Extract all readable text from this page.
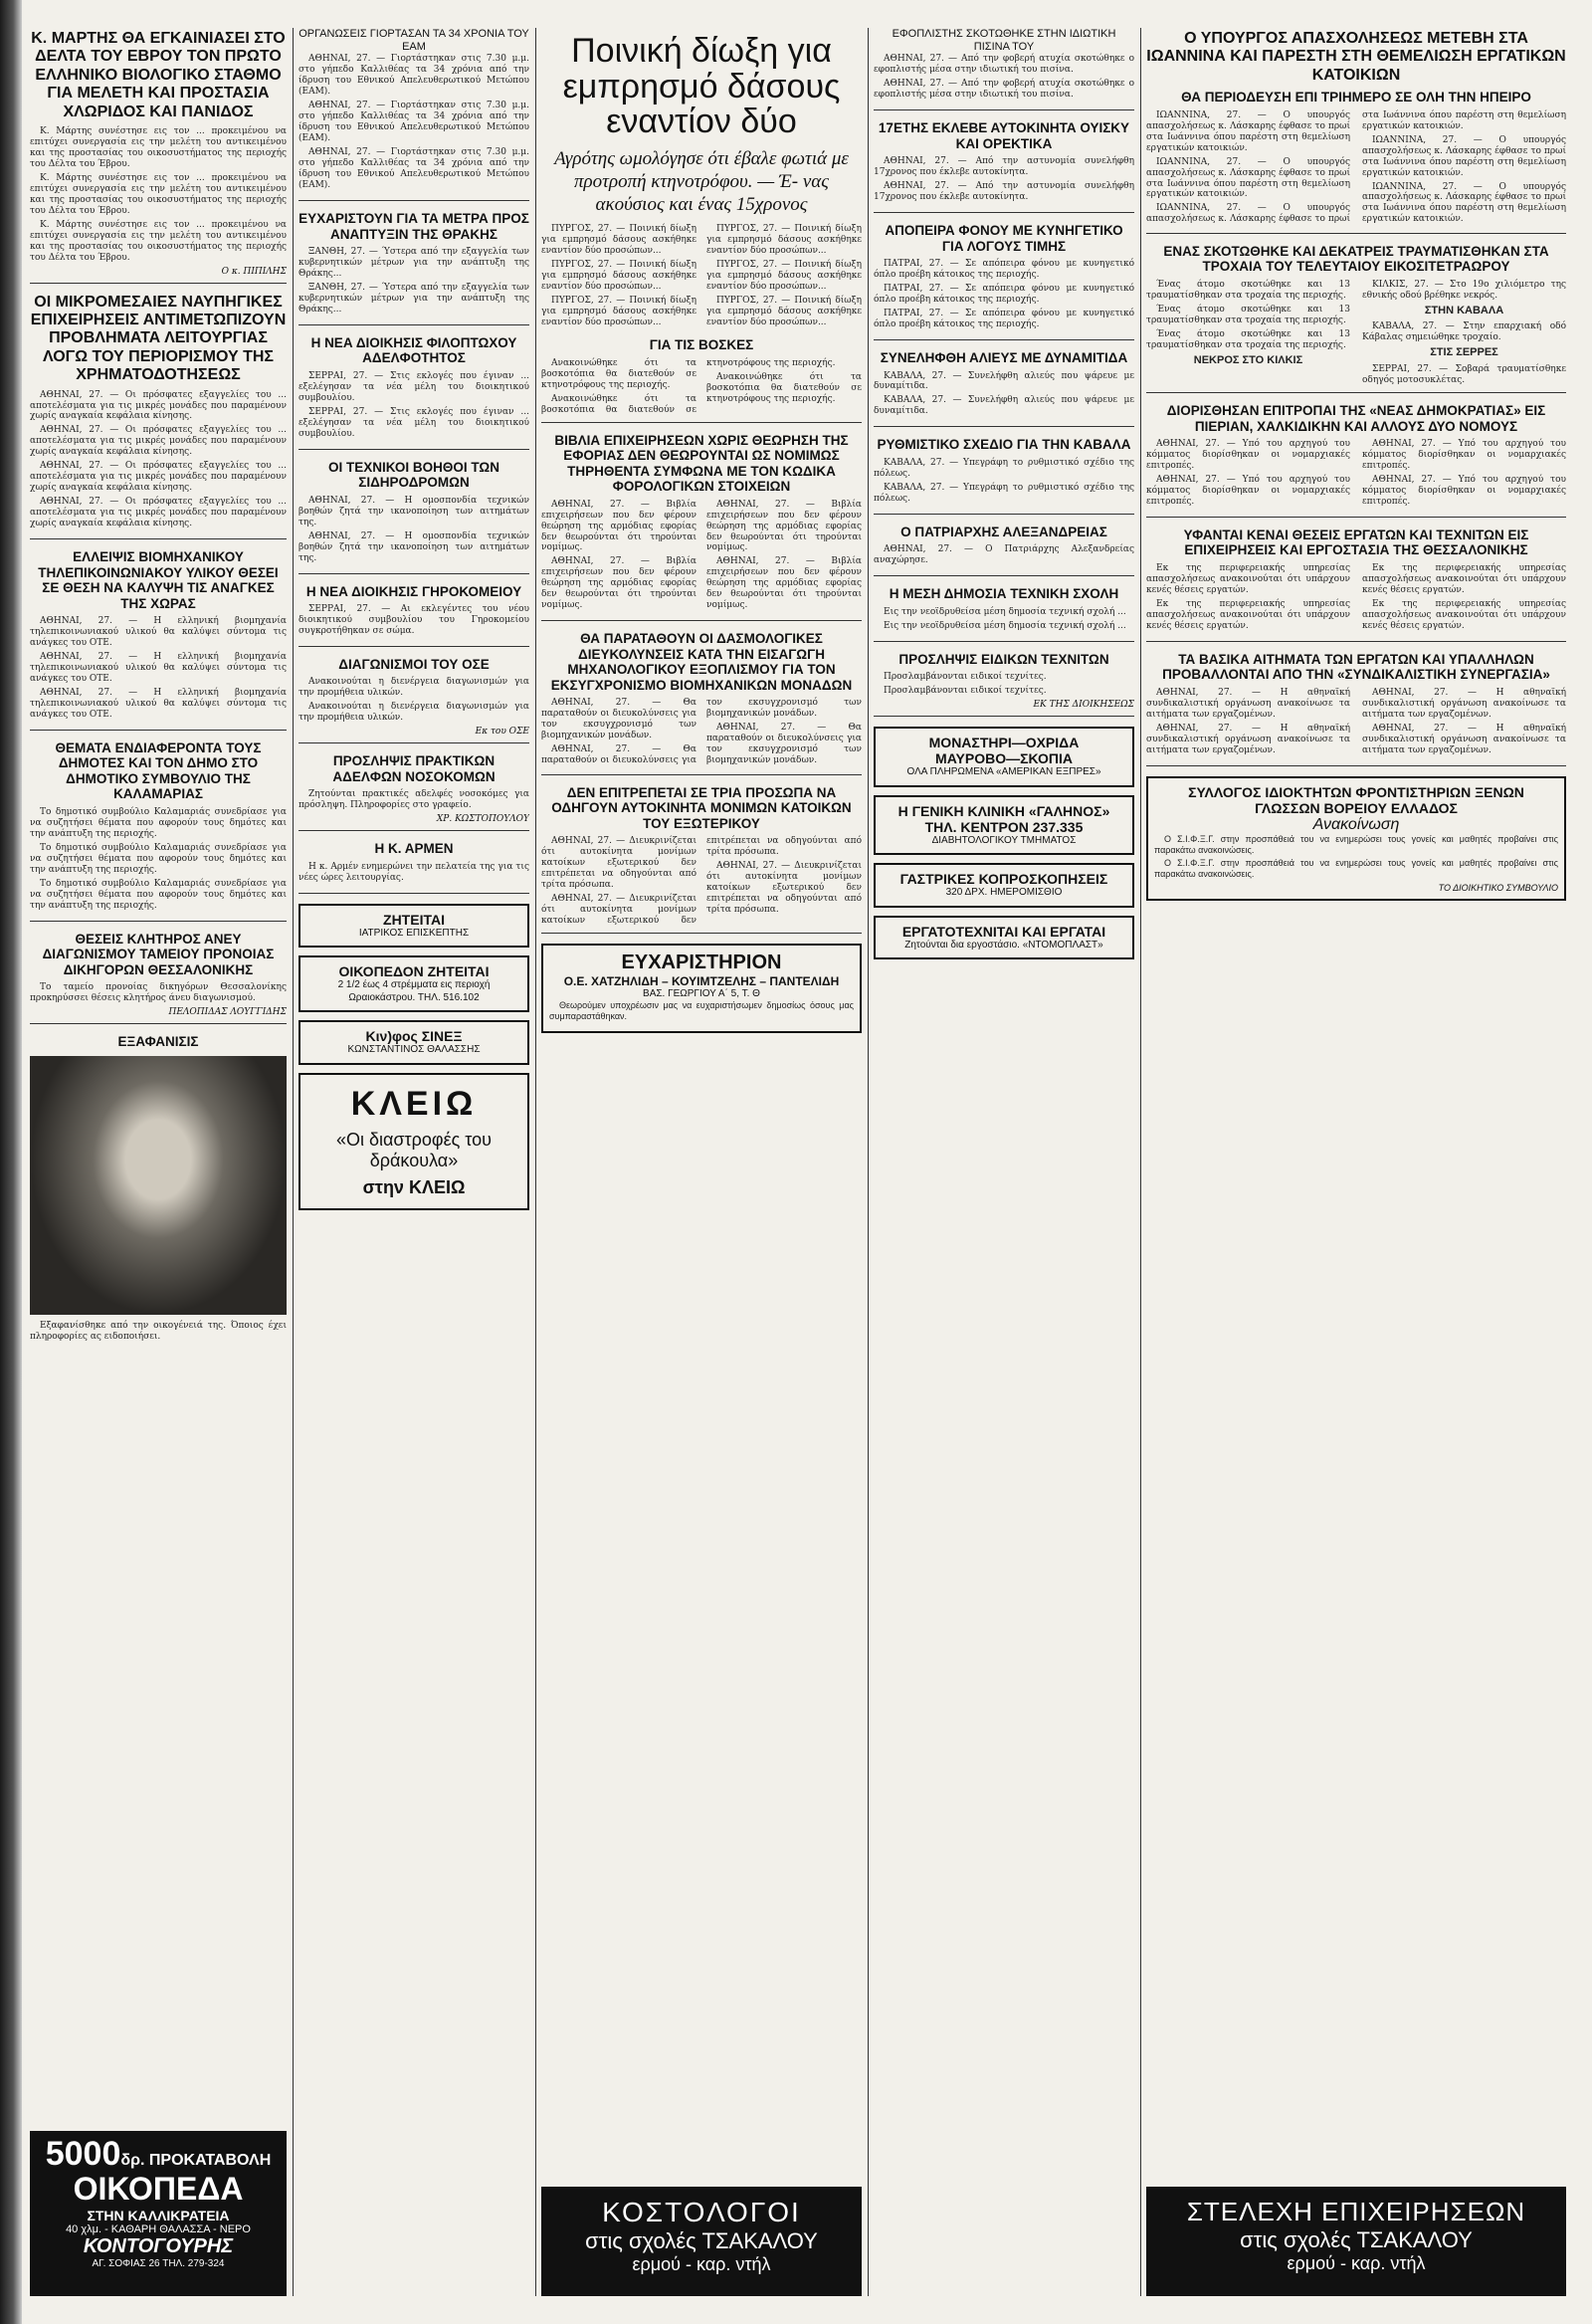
Κ. ΜΑΡΤΗΣ ΘΑ ΕΓΚΑΙΝΙΑΣΕΙ ΣΤΟ ΔΕΛΤΑ ΤΟΥ ΕΒΡΟΥ ΤΟΝ ΠΡΩΤΟ ΕΛΛΗΝΙΚΟ ΒΙΟΛΟΓΙΚΟ ΣΤΑΘΜΟ ΓΙΑ ΜΕΛΕΤΗ ΚΑΙ ΠΡΟΣΤΑΣΙΑ ΧΛΩΡΙΔΟΣ ΚΑΙ ΠΑΝΙΔΟΣ

Κ. Μάρτης συνέστησε εις τον ... προκειμένου να επιτύχει συνεργασία εις την μελέτη του αντικειμένου και της προστασίας του οικοσυστήματος της περιοχής του Δέλτα του Έβρου.

Κ. Μάρτης συνέστησε εις τον ... προκειμένου να επιτύχει συνεργασία εις την μελέτη του αντικειμένου και της προστασίας του οικοσυστήματος της περιοχής του Δέλτα του Έβρου.

Κ. Μάρτης συνέστησε εις τον ... προκειμένου να επιτύχει συνεργασία εις την μελέτη του αντικειμένου και της προστασίας του οικοσυστήματος της περιοχής του Δέλτα του Έβρου.

Ο κ. ΠΙΠΙΛΗΣ
ΟΙ ΜΙΚΡΟΜΕΣΑΙΕΣ ΝΑΥΠΗΓΙΚΕΣ ΕΠΙΧΕΙΡΗΣΕΙΣ ΑΝΤΙΜΕΤΩΠΙΖΟΥΝ ΠΡΟΒΛΗΜΑΤΑ ΛΕΙΤΟΥΡΓΙΑΣ ΛΟΓΩ ΤΟΥ ΠΕΡΙΟΡΙΣΜΟΥ ΤΗΣ ΧΡΗΜΑΤΟΔΟΤΗΣΕΩΣ

ΑΘΗΝΑΙ, 27. — Οι πρόσφατες εξαγγελίες του ... αποτελέσματα για τις μικρές μονάδες που παραμένουν χωρίς αναγκαία κεφάλαια κίνησης.

ΑΘΗΝΑΙ, 27. — Οι πρόσφατες εξαγγελίες του ... αποτελέσματα για τις μικρές μονάδες που παραμένουν χωρίς αναγκαία κεφάλαια κίνησης.

ΑΘΗΝΑΙ, 27. — Οι πρόσφατες εξαγγελίες του ... αποτελέσματα για τις μικρές μονάδες που παραμένουν χωρίς αναγκαία κεφάλαια κίνησης.

ΑΘΗΝΑΙ, 27. — Οι πρόσφατες εξαγγελίες του ... αποτελέσματα για τις μικρές μονάδες που παραμένουν χωρίς αναγκαία κεφάλαια κίνησης.

ΕΛΛΕΙΨΙΣ ΒΙΟΜΗΧΑΝΙΚΟΥ ΤΗΛΕΠΙΚΟΙΝΩΝΙΑΚΟΥ ΥΛΙΚΟΥ ΘΕΣΕΙ ΣΕ ΘΕΣΗ ΝΑ ΚΑΛΥΨΗ ΤΙΣ ΑΝΑΓΚΕΣ ΤΗΣ ΧΩΡΑΣ

ΑΘΗΝΑΙ, 27. — Η ελληνική βιομηχανία τηλεπικοινωνιακού υλικού θα καλύψει σύντομα τις ανάγκες του ΟΤΕ.

ΑΘΗΝΑΙ, 27. — Η ελληνική βιομηχανία τηλεπικοινωνιακού υλικού θα καλύψει σύντομα τις ανάγκες του ΟΤΕ.

ΑΘΗΝΑΙ, 27. — Η ελληνική βιομηχανία τηλεπικοινωνιακού υλικού θα καλύψει σύντομα τις ανάγκες του ΟΤΕ.

ΘΕΜΑΤΑ ΕΝΔΙΑΦΕΡΟΝΤΑ ΤΟΥΣ ΔΗΜΟΤΕΣ ΚΑΙ ΤΟΝ ΔΗΜΟ ΣΤΟ ΔΗΜΟΤΙΚΟ ΣΥΜΒΟΥΛΙΟ ΤΗΣ ΚΑΛΑΜΑΡΙΑΣ

Το δημοτικό συμβούλιο Καλαμαριάς συνεδρίασε για να συζητήσει θέματα που αφορούν τους δημότες και την ανάπτυξη της περιοχής.

Το δημοτικό συμβούλιο Καλαμαριάς συνεδρίασε για να συζητήσει θέματα που αφορούν τους δημότες και την ανάπτυξη της περιοχής.

Το δημοτικό συμβούλιο Καλαμαριάς συνεδρίασε για να συζητήσει θέματα που αφορούν τους δημότες και την ανάπτυξη της περιοχής.

ΘΕΣΕΙΣ ΚΛΗΤΗΡΟΣ ΑΝΕΥ ΔΙΑΓΩΝΙΣΜΟΥ ΤΑΜΕΙΟΥ ΠΡΟΝΟΙΑΣ ΔΙΚΗΓΟΡΩΝ ΘΕΣΣΑΛΟΝΙΚΗΣ

Το ταμείο προνοίας δικηγόρων Θεσσαλονίκης προκηρύσσει θέσεις κλητήρος άνευ διαγωνισμού.

ΠΕΛΟΠΙΔΑΣ ΛΟΥΓΓΙΔΗΣ
ΕΞΑΦΑΝΙΣΙΣ

Εξαφανίσθηκε από την οικογένειά της. Όποιος έχει πληροφορίες ας ειδοποιήσει.

5000δρ. ΠΡΟΚΑΤΑΒΟΛΗ
ΟΙΚΟΠΕΔΑ
ΣΤΗΝ ΚΑΛΛΙΚΡΑΤΕΙΑ
40 χλμ. - ΚΑΘΑΡΗ ΘΑΛΑΣΣΑ - ΝΕΡΟ
ΚΟΝΤΟΓΟΥΡΗΣ
ΑΓ. ΣΟΦΙΑΣ 26 ΤΗΛ. 279-324
ΟΡΓΑΝΩΣΕΙΣ ΓΙΟΡΤΑΣΑΝ ΤΑ 34 ΧΡΟΝΙΑ ΤΟΥ ΕΑΜ

ΑΘΗΝΑΙ, 27. — Γιορτάστηκαν στις 7.30 μ.μ. στο γήπεδο Καλλιθέας τα 34 χρόνια από την ίδρυση του Εθνικού Απελευθερωτικού Μετώπου (ΕΑΜ).

ΑΘΗΝΑΙ, 27. — Γιορτάστηκαν στις 7.30 μ.μ. στο γήπεδο Καλλιθέας τα 34 χρόνια από την ίδρυση του Εθνικού Απελευθερωτικού Μετώπου (ΕΑΜ).

ΑΘΗΝΑΙ, 27. — Γιορτάστηκαν στις 7.30 μ.μ. στο γήπεδο Καλλιθέας τα 34 χρόνια από την ίδρυση του Εθνικού Απελευθερωτικού Μετώπου (ΕΑΜ).

ΕΥΧΑΡΙΣΤΟΥΝ ΓΙΑ ΤΑ ΜΕΤΡΑ ΠΡΟΣ ΑΝΑΠΤΥΞΙΝ ΤΗΣ ΘΡΑΚΗΣ

ΞΑΝΘΗ, 27. — Ύστερα από την εξαγγελία των κυβερνητικών μέτρων για την ανάπτυξη της Θράκης...

ΞΑΝΘΗ, 27. — Ύστερα από την εξαγγελία των κυβερνητικών μέτρων για την ανάπτυξη της Θράκης...

Η ΝΕΑ ΔΙΟΙΚΗΣΙΣ ΦΙΛΟΠΤΩΧΟΥ ΑΔΕΛΦΟΤΗΤΟΣ

ΣΕΡΡΑΙ, 27. — Στις εκλογές που έγιναν ... εξελέγησαν τα νέα μέλη του διοικητικού συμβουλίου.

ΣΕΡΡΑΙ, 27. — Στις εκλογές που έγιναν ... εξελέγησαν τα νέα μέλη του διοικητικού συμβουλίου.

ΟΙ ΤΕΧΝΙΚΟΙ ΒΟΗΘΟΙ ΤΩΝ ΣΙΔΗΡΟΔΡΟΜΩΝ

ΑΘΗΝΑΙ, 27. — Η ομοσπονδία τεχνικών βοηθών ζητά την ικανοποίηση των αιτημάτων της.

ΑΘΗΝΑΙ, 27. — Η ομοσπονδία τεχνικών βοηθών ζητά την ικανοποίηση των αιτημάτων της.

Η ΝΕΑ ΔΙΟΙΚΗΣΙΣ ΓΗΡΟΚΟΜΕΙΟΥ

ΣΕΡΡΑΙ, 27. — Αι εκλεγέντες του νέου διοικητικού συμβουλίου του Γηροκομείου συγκροτήθηκαν σε σώμα.

ΔΙΑΓΩΝΙΣΜΟΙ ΤΟΥ ΟΣΕ

Ανακοινούται η διενέργεια διαγωνισμών για την προμήθεια υλικών.

Ανακοινούται η διενέργεια διαγωνισμών για την προμήθεια υλικών.

Εκ του ΟΣΕ
ΠΡΟΣΛΗΨΙΣ ΠΡΑΚΤΙΚΩΝ ΑΔΕΛΦΩΝ ΝΟΣΟΚΟΜΩΝ

Ζητούνται πρακτικές αδελφές νοσοκόμες για πρόσληψη. Πληροφορίες στο γραφείο.

ΧΡ. ΚΩΣΤΟΠΟΥΛΟΥ
Η Κ. ΑΡΜΕΝ

Η κ. Αρμέν ενημερώνει την πελατεία της για τις νέες ώρες λειτουργίας.

ΖΗΤΕΙΤΑΙ
ΙΑΤΡΙΚΟΣ ΕΠΙΣΚΕΠΤΗΣ
ΟΙΚΟΠΕΔΟΝ ΖΗΤΕΙΤΑΙ
2 1/2 έως 4 στρέμματα εις περιοχή Ωραιοκάστρου. ΤΗΛ. 516.102
Κιν)φος ΣΙΝΕΞ
ΚΩΝΣΤΑΝΤΙΝΟΣ ΘΑΛΑΣΣΗΣ
ΚΛΕΙΩ
«Οι διαστροφές του δράκουλα»
στην ΚΛΕΙΩ
Ποινική δίωξη για εμπρησμό δάσους εναντίον δύο
Αγρότης ωμολόγησε ότι έβαλε φωτιά με προτροπή κτηνοτρόφου. — Έ- νας ακούσιος και ένας 15χρονος

ΠΥΡΓΟΣ, 27. — Ποινική δίωξη για εμπρησμό δάσους ασκήθηκε εναντίον δύο προσώπων...

ΠΥΡΓΟΣ, 27. — Ποινική δίωξη για εμπρησμό δάσους ασκήθηκε εναντίον δύο προσώπων...

ΠΥΡΓΟΣ, 27. — Ποινική δίωξη για εμπρησμό δάσους ασκήθηκε εναντίον δύο προσώπων...

ΠΥΡΓΟΣ, 27. — Ποινική δίωξη για εμπρησμό δάσους ασκήθηκε εναντίον δύο προσώπων...

ΠΥΡΓΟΣ, 27. — Ποινική δίωξη για εμπρησμό δάσους ασκήθηκε εναντίον δύο προσώπων...

ΠΥΡΓΟΣ, 27. — Ποινική δίωξη για εμπρησμό δάσους ασκήθηκε εναντίον δύο προσώπων...

ΓΙΑ ΤΙΣ ΒΟΣΚΕΣ

Ανακοινώθηκε ότι τα βοσκοτόπια θα διατεθούν σε κτηνοτρόφους της περιοχής.

Ανακοινώθηκε ότι τα βοσκοτόπια θα διατεθούν σε κτηνοτρόφους της περιοχής.

Ανακοινώθηκε ότι τα βοσκοτόπια θα διατεθούν σε κτηνοτρόφους της περιοχής.

ΒΙΒΛΙΑ ΕΠΙΧΕΙΡΗΣΕΩΝ ΧΩΡΙΣ ΘΕΩΡΗΣΗ ΤΗΣ ΕΦΟΡΙΑΣ ΔΕΝ ΘΕΩΡΟΥΝΤΑΙ ΩΣ ΝΟΜΙΜΩΣ ΤΗΡΗΘΕΝΤΑ ΣΥΜΦΩΝΑ ΜΕ ΤΟΝ ΚΩΔΙΚΑ ΦΟΡΟΛΟΓΙΚΩΝ ΣΤΟΙΧΕΙΩΝ

ΑΘΗΝΑΙ, 27. — Βιβλία επιχειρήσεων που δεν φέρουν θεώρηση της αρμόδιας εφορίας δεν θεωρούνται ότι τηρούνται νομίμως.

ΑΘΗΝΑΙ, 27. — Βιβλία επιχειρήσεων που δεν φέρουν θεώρηση της αρμόδιας εφορίας δεν θεωρούνται ότι τηρούνται νομίμως.

ΑΘΗΝΑΙ, 27. — Βιβλία επιχειρήσεων που δεν φέρουν θεώρηση της αρμόδιας εφορίας δεν θεωρούνται ότι τηρούνται νομίμως.

ΑΘΗΝΑΙ, 27. — Βιβλία επιχειρήσεων που δεν φέρουν θεώρηση της αρμόδιας εφορίας δεν θεωρούνται ότι τηρούνται νομίμως.

ΘΑ ΠΑΡΑΤΑΘΟΥΝ ΟΙ ΔΑΣΜΟΛΟΓΙΚΕΣ ΔΙΕΥΚΟΛΥΝΣΕΙΣ ΚΑΤΑ ΤΗΝ ΕΙΣΑΓΩΓΗ ΜΗΧΑΝΟΛΟΓΙΚΟΥ ΕΞΟΠΛΙΣΜΟΥ ΓΙΑ ΤΟΝ ΕΚΣΥΓΧΡΟΝΙΣΜΟ ΒΙΟΜΗΧΑΝΙΚΩΝ ΜΟΝΑΔΩΝ

ΑΘΗΝΑΙ, 27. — Θα παραταθούν οι διευκολύνσεις για τον εκσυγχρονισμό των βιομηχανικών μονάδων.

ΑΘΗΝΑΙ, 27. — Θα παραταθούν οι διευκολύνσεις για τον εκσυγχρονισμό των βιομηχανικών μονάδων.

ΑΘΗΝΑΙ, 27. — Θα παραταθούν οι διευκολύνσεις για τον εκσυγχρονισμό των βιομηχανικών μονάδων.

ΔΕΝ ΕΠΙΤΡΕΠΕΤΑΙ ΣΕ ΤΡΙΑ ΠΡΟΣΩΠΑ ΝΑ ΟΔΗΓΟΥΝ ΑΥΤΟΚΙΝΗΤΑ ΜΟΝΙΜΩΝ ΚΑΤΟΙΚΩΝ ΤΟΥ ΕΞΩΤΕΡΙΚΟΥ

ΑΘΗΝΑΙ, 27. — Διευκρινίζεται ότι αυτοκίνητα μονίμων κατοίκων εξωτερικού δεν επιτρέπεται να οδηγούνται από τρίτα πρόσωπα.

ΑΘΗΝΑΙ, 27. — Διευκρινίζεται ότι αυτοκίνητα μονίμων κατοίκων εξωτερικού δεν επιτρέπεται να οδηγούνται από τρίτα πρόσωπα.

ΑΘΗΝΑΙ, 27. — Διευκρινίζεται ότι αυτοκίνητα μονίμων κατοίκων εξωτερικού δεν επιτρέπεται να οδηγούνται από τρίτα πρόσωπα.

ΕΥΧΑΡΙΣΤΗΡΙΟΝ
Ο.Ε. ΧΑΤΖΗΛΙΔΗ – ΚΟΥΙΜΤΖΕΛΗΣ – ΠΑΝΤΕΛΙΔΗ
ΒΑΣ. ΓΕΩΡΓΙΟΥ Α΄ 5, Τ. Θ

Θεωρούμεν υποχρέωσιν μας να ευχαριστήσωμεν δημοσίως όσους μας συμπαραστάθηκαν.

ΚΟΣΤΟΛΟΓΟΙ
στις σχολές ΤΣΑΚΑΛΟΥ
ερμού - καρ. ντήλ
ΕΦΟΠΛΙΣΤΗΣ ΣΚΟΤΩΘΗΚΕ ΣΤΗΝ ΙΔΙΩΤΙΚΗ ΠΙΣΙΝΑ ΤΟΥ

ΑΘΗΝΑΙ, 27. — Από την φοβερή ατυχία σκοτώθηκε ο εφοπλιστής μέσα στην ιδιωτική του πισίνα.

ΑΘΗΝΑΙ, 27. — Από την φοβερή ατυχία σκοτώθηκε ο εφοπλιστής μέσα στην ιδιωτική του πισίνα.

17ΕΤΗΣ ΕΚΛΕΒΕ ΑΥΤΟΚΙΝΗΤΑ ΟΥΙΣΚΥ ΚΑΙ ΟΡΕΚΤΙΚΑ

ΑΘΗΝΑΙ, 27. — Από την αστυνομία συνελήφθη 17χρονος που έκλεβε αυτοκίνητα.

ΑΘΗΝΑΙ, 27. — Από την αστυνομία συνελήφθη 17χρονος που έκλεβε αυτοκίνητα.

ΑΠΟΠΕΙΡΑ ΦΟΝΟΥ ΜΕ ΚΥΝΗΓΕΤΙΚΟ ΓΙΑ ΛΟΓΟΥΣ ΤΙΜΗΣ

ΠΑΤΡΑΙ, 27. — Σε απόπειρα φόνου με κυνηγετικό όπλο προέβη κάτοικος της περιοχής.

ΠΑΤΡΑΙ, 27. — Σε απόπειρα φόνου με κυνηγετικό όπλο προέβη κάτοικος της περιοχής.

ΠΑΤΡΑΙ, 27. — Σε απόπειρα φόνου με κυνηγετικό όπλο προέβη κάτοικος της περιοχής.

ΣΥΝΕΛΗΦΘΗ ΑΛΙΕΥΣ ΜΕ ΔΥΝΑΜΙΤΙΔΑ

ΚΑΒΑΛΑ, 27. — Συνελήφθη αλιεύς που ψάρευε με δυναμίτιδα.

ΚΑΒΑΛΑ, 27. — Συνελήφθη αλιεύς που ψάρευε με δυναμίτιδα.

ΡΥΘΜΙΣΤΙΚΟ ΣΧΕΔΙΟ ΓΙΑ ΤΗΝ ΚΑΒΑΛΑ

ΚΑΒΑΛΑ, 27. — Υπεγράφη το ρυθμιστικό σχέδιο της πόλεως.

ΚΑΒΑΛΑ, 27. — Υπεγράφη το ρυθμιστικό σχέδιο της πόλεως.

Ο ΠΑΤΡΙΑΡΧΗΣ ΑΛΕΞΑΝΔΡΕΙΑΣ

ΑΘΗΝΑΙ, 27. — Ο Πατριάρχης Αλεξανδρείας αναχώρησε.

Η ΜΕΣΗ ΔΗΜΟΣΙΑ ΤΕΧΝΙΚΗ ΣΧΟΛΗ

Εις την νεοϊδρυθείσα μέση δημοσία τεχνική σχολή ...

Εις την νεοϊδρυθείσα μέση δημοσία τεχνική σχολή ...

ΠΡΟΣΛΗΨΙΣ ΕΙΔΙΚΩΝ ΤΕΧΝΙΤΩΝ

Προσλαμβάνονται ειδικοί τεχνίτες.

Προσλαμβάνονται ειδικοί τεχνίτες.

ΕΚ ΤΗΣ ΔΙΟΙΚΗΣΕΩΣ
ΜΟΝΑΣΤΗΡΙ—ΟΧΡΙΔΑ
ΜΑΥΡΟΒΟ—ΣΚΟΠΙΑ
ΟΛΑ ΠΛΗΡΩΜΕΝΑ «ΑΜΕΡΙΚΑΝ ΕΞΠΡΕΣ»
Η ΓΕΝΙΚΗ ΚΛΙΝΙΚΗ «ΓΑΛΗΝΟΣ»
ΤΗΛ. ΚΕΝΤΡΟΝ 237.335
ΔΙΑΒΗΤΟΛΟΓΙΚΟΥ ΤΜΗΜΑΤΟΣ
ΓΑΣΤΡΙΚΕΣ ΚΟΠΡΟΣΚΟΠΗΣΕΙΣ
320 ΔΡΧ. ΗΜΕΡΟΜΙΣΘΙΟ
ΕΡΓΑΤΟΤΕΧΝΙΤΑΙ ΚΑΙ ΕΡΓΑΤΑΙ
Ζητούνται δια εργοστάσιο. «ΝΤΟΜΟΠΛΑΣΤ»
Ο ΥΠΟΥΡΓΟΣ ΑΠΑΣΧΟΛΗΣΕΩΣ ΜΕΤΕΒΗ ΣΤΑ ΙΩΑΝΝΙΝΑ ΚΑΙ ΠΑΡΕΣΤΗ ΣΤΗ ΘΕΜΕΛΙΩΣΗ ΕΡΓΑΤΙΚΩΝ ΚΑΤΟΙΚΙΩΝ
ΘΑ ΠΕΡΙΟΔΕΥΣΗ ΕΠΙ ΤΡΙΗΜΕΡΟ ΣΕ ΟΛΗ ΤΗΝ ΗΠΕΙΡΟ

ΙΩΑΝΝΙΝΑ, 27. — Ο υπουργός απασχολήσεως κ. Λάσκαρης έφθασε το πρωί στα Ιωάννινα όπου παρέστη στη θεμελίωση εργατικών κατοικιών.

ΙΩΑΝΝΙΝΑ, 27. — Ο υπουργός απασχολήσεως κ. Λάσκαρης έφθασε το πρωί στα Ιωάννινα όπου παρέστη στη θεμελίωση εργατικών κατοικιών.

ΙΩΑΝΝΙΝΑ, 27. — Ο υπουργός απασχολήσεως κ. Λάσκαρης έφθασε το πρωί στα Ιωάννινα όπου παρέστη στη θεμελίωση εργατικών κατοικιών.

ΙΩΑΝΝΙΝΑ, 27. — Ο υπουργός απασχολήσεως κ. Λάσκαρης έφθασε το πρωί στα Ιωάννινα όπου παρέστη στη θεμελίωση εργατικών κατοικιών.

ΙΩΑΝΝΙΝΑ, 27. — Ο υπουργός απασχολήσεως κ. Λάσκαρης έφθασε το πρωί στα Ιωάννινα όπου παρέστη στη θεμελίωση εργατικών κατοικιών.

ΕΝΑΣ ΣΚΟΤΩΘΗΚΕ ΚΑΙ ΔΕΚΑΤΡΕΙΣ ΤΡΑΥΜΑΤΙΣΘΗΚΑΝ ΣΤΑ ΤΡΟΧΑΙΑ ΤΟΥ ΤΕΛΕΥΤΑΙΟΥ ΕΙΚΟΣΙΤΕΤΡΑΩΡΟΥ

Ένας άτομο σκοτώθηκε και 13 τραυματίσθηκαν στα τροχαία της περιοχής.

Ένας άτομο σκοτώθηκε και 13 τραυματίσθηκαν στα τροχαία της περιοχής.

Ένας άτομο σκοτώθηκε και 13 τραυματίσθηκαν στα τροχαία της περιοχής.

ΝΕΚΡΟΣ ΣΤΟ ΚΙΛΚΙΣ

ΚΙΛΚΙΣ, 27. — Στο 19ο χιλιόμετρο της εθνικής οδού βρέθηκε νεκρός.

ΣΤΗΝ ΚΑΒΑΛΑ

ΚΑΒΑΛΑ, 27. — Στην επαρχιακή οδό Κάβαλας σημειώθηκε τροχαίο.

ΣΤΙΣ ΣΕΡΡΕΣ

ΣΕΡΡΑΙ, 27. — Σοβαρά τραυματίσθηκε οδηγός μοτοσυκλέτας.

ΔΙΟΡΙΣΘΗΣΑΝ ΕΠΙΤΡΟΠΑΙ ΤΗΣ «ΝΕΑΣ ΔΗΜΟΚΡΑΤΙΑΣ» ΕΙΣ ΠΙΕΡΙΑΝ, ΧΑΛΚΙΔΙΚΗΝ ΚΑΙ ΑΛΛΟΥΣ ΔΥΟ ΝΟΜΟΥΣ

ΑΘΗΝΑΙ, 27. — Υπό του αρχηγού του κόμματος διορίσθηκαν οι νομαρχιακές επιτροπές.

ΑΘΗΝΑΙ, 27. — Υπό του αρχηγού του κόμματος διορίσθηκαν οι νομαρχιακές επιτροπές.

ΑΘΗΝΑΙ, 27. — Υπό του αρχηγού του κόμματος διορίσθηκαν οι νομαρχιακές επιτροπές.

ΑΘΗΝΑΙ, 27. — Υπό του αρχηγού του κόμματος διορίσθηκαν οι νομαρχιακές επιτροπές.

ΥΦΑΝΤΑΙ ΚΕΝΑΙ ΘΕΣΕΙΣ ΕΡΓΑΤΩΝ ΚΑΙ ΤΕΧΝΙΤΩΝ ΕΙΣ ΕΠΙΧΕΙΡΗΣΕΙΣ ΚΑΙ ΕΡΓΟΣΤΑΣΙΑ ΤΗΣ ΘΕΣΣΑΛΟΝΙΚΗΣ

Εκ της περιφερειακής υπηρεσίας απασχολήσεως ανακοινούται ότι υπάρχουν κενές θέσεις εργατών.

Εκ της περιφερειακής υπηρεσίας απασχολήσεως ανακοινούται ότι υπάρχουν κενές θέσεις εργατών.

Εκ της περιφερειακής υπηρεσίας απασχολήσεως ανακοινούται ότι υπάρχουν κενές θέσεις εργατών.

Εκ της περιφερειακής υπηρεσίας απασχολήσεως ανακοινούται ότι υπάρχουν κενές θέσεις εργατών.

ΤΑ ΒΑΣΙΚΑ ΑΙΤΗΜΑΤΑ ΤΩΝ ΕΡΓΑΤΩΝ ΚΑΙ ΥΠΑΛΛΗΛΩΝ ΠΡΟΒΑΛΛΟΝΤΑΙ ΑΠΟ ΤΗΝ «ΣΥΝΔΙΚΑΛΙΣΤΙΚΗ ΣΥΝΕΡΓΑΣΙΑ»

ΑΘΗΝΑΙ, 27. — Η αθηναϊκή συνδικαλιστική οργάνωση ανακοίνωσε τα αιτήματα των εργαζομένων.

ΑΘΗΝΑΙ, 27. — Η αθηναϊκή συνδικαλιστική οργάνωση ανακοίνωσε τα αιτήματα των εργαζομένων.

ΑΘΗΝΑΙ, 27. — Η αθηναϊκή συνδικαλιστική οργάνωση ανακοίνωσε τα αιτήματα των εργαζομένων.

ΑΘΗΝΑΙ, 27. — Η αθηναϊκή συνδικαλιστική οργάνωση ανακοίνωσε τα αιτήματα των εργαζομένων.

ΣΥΛΛΟΓΟΣ ΙΔΙΟΚΤΗΤΩΝ ΦΡΟΝΤΙΣΤΗΡΙΩΝ ΞΕΝΩΝ ΓΛΩΣΣΩΝ ΒΟΡΕΙΟΥ ΕΛΛΑΔΟΣ
Ανακοίνωση

Ο Σ.Ι.Φ.Ξ.Γ. στην προσπάθειά του να ενημερώσει τους γονείς και μαθητές προβαίνει στις παρακάτω ανακοινώσεις.

Ο Σ.Ι.Φ.Ξ.Γ. στην προσπάθειά του να ενημερώσει τους γονείς και μαθητές προβαίνει στις παρακάτω ανακοινώσεις.

ΤΟ ΔΙΟΙΚΗΤΙΚΟ ΣΥΜΒΟΥΛΙΟ
ΣΤΕΛΕΧΗ ΕΠΙΧΕΙΡΗΣΕΩΝ
στις σχολές ΤΣΑΚΑΛΟΥ
ερμού - καρ. ντήλ
